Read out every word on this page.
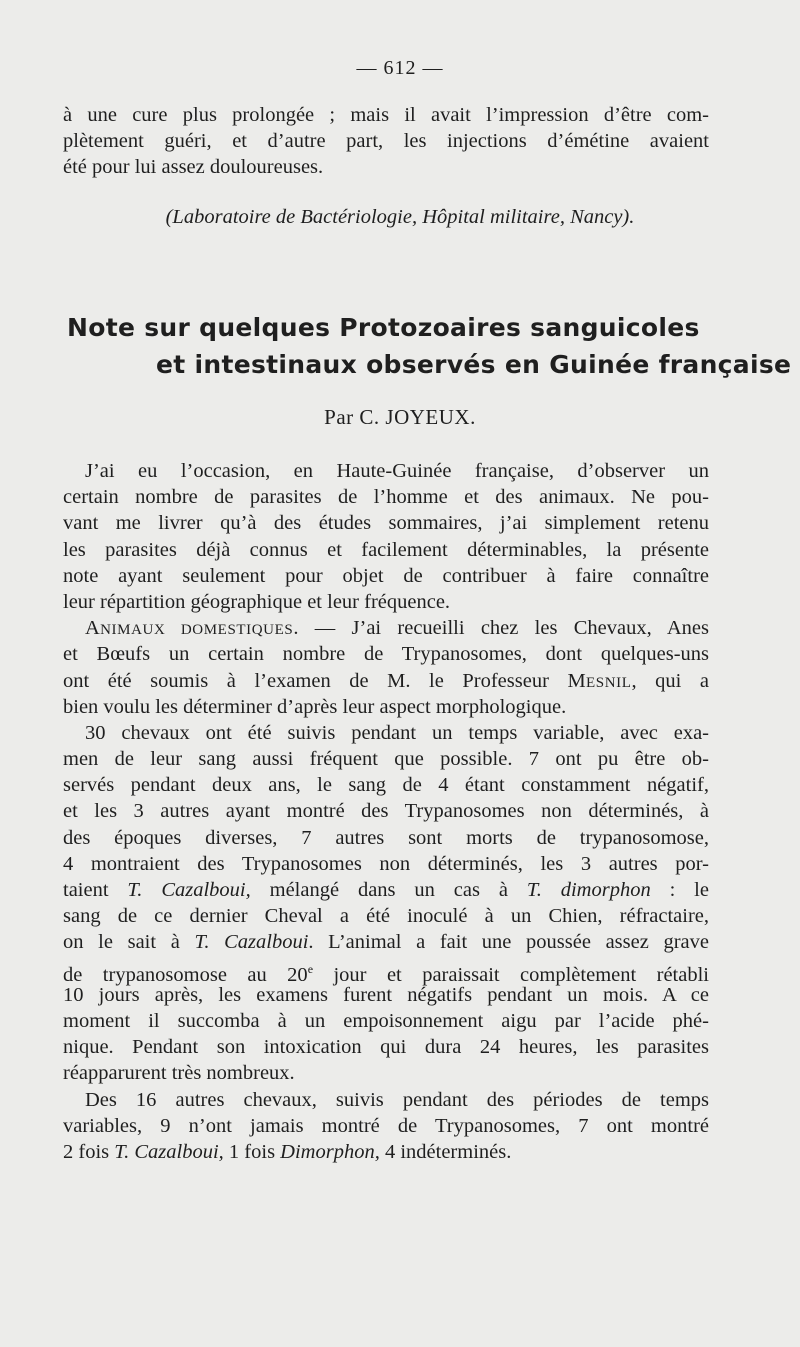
— 612 —
à une cure plus prolongée ; mais il avait l’impression d’être com-
plètement guéri, et d’autre part, les injections d’émétine avaient
été pour lui assez douloureuses.
(Laboratoire de Bactériologie, Hôpital militaire, Nancy).
Note sur quelques Protozoaires sanguicoles
et intestinaux observés en Guinée française
Par C. JOYEUX.
J’ai eu l’occasion, en Haute-Guinée française, d’observer un
certain nombre de parasites de l’homme et des animaux. Ne pou-
vant me livrer qu’à des études sommaires, j’ai simplement retenu
les parasites déjà connus et facilement déterminables, la présente
note ayant seulement pour objet de contribuer à faire connaître
leur répartition géographique et leur fréquence.
ANIMAUX DOMESTIQUES. — J’ai recueilli chez les Chevaux, Anes
et Bœufs un certain nombre de Trypanosomes, dont quelques-uns
ont été soumis à l’examen de M. le Professeur MESNIL, qui a
bien voulu les déterminer d’après leur aspect morphologique.
30 chevaux ont été suivis pendant un temps variable, avec exa-
men de leur sang aussi fréquent que possible. 7 ont pu être ob-
servés pendant deux ans, le sang de 4 étant constamment négatif,
et les 3 autres ayant montré des Trypanosomes non déterminés, à
des époques diverses, 7 autres sont morts de trypanosomose,
4 montraient des Trypanosomes non déterminés, les 3 autres por-
taient T. Cazalboui, mélangé dans un cas à T. dimorphon : le
sang de ce dernier Cheval a été inoculé à un Chien, réfractaire,
on le sait à T. Cazalboui. L’animal a fait une poussée assez grave
de trypanosomose au 20e jour et paraissait complètement rétabli
10 jours après, les examens furent négatifs pendant un mois. A ce
moment il succomba à un empoisonnement aigu par l’acide phé-
nique. Pendant son intoxication qui dura 24 heures, les parasites
réapparurent très nombreux.
Des 16 autres chevaux, suivis pendant des périodes de temps
variables, 9 n’ont jamais montré de Trypanosomes, 7 ont montré
2 fois T. Cazalboui, 1 fois Dimorphon, 4 indéterminés.
